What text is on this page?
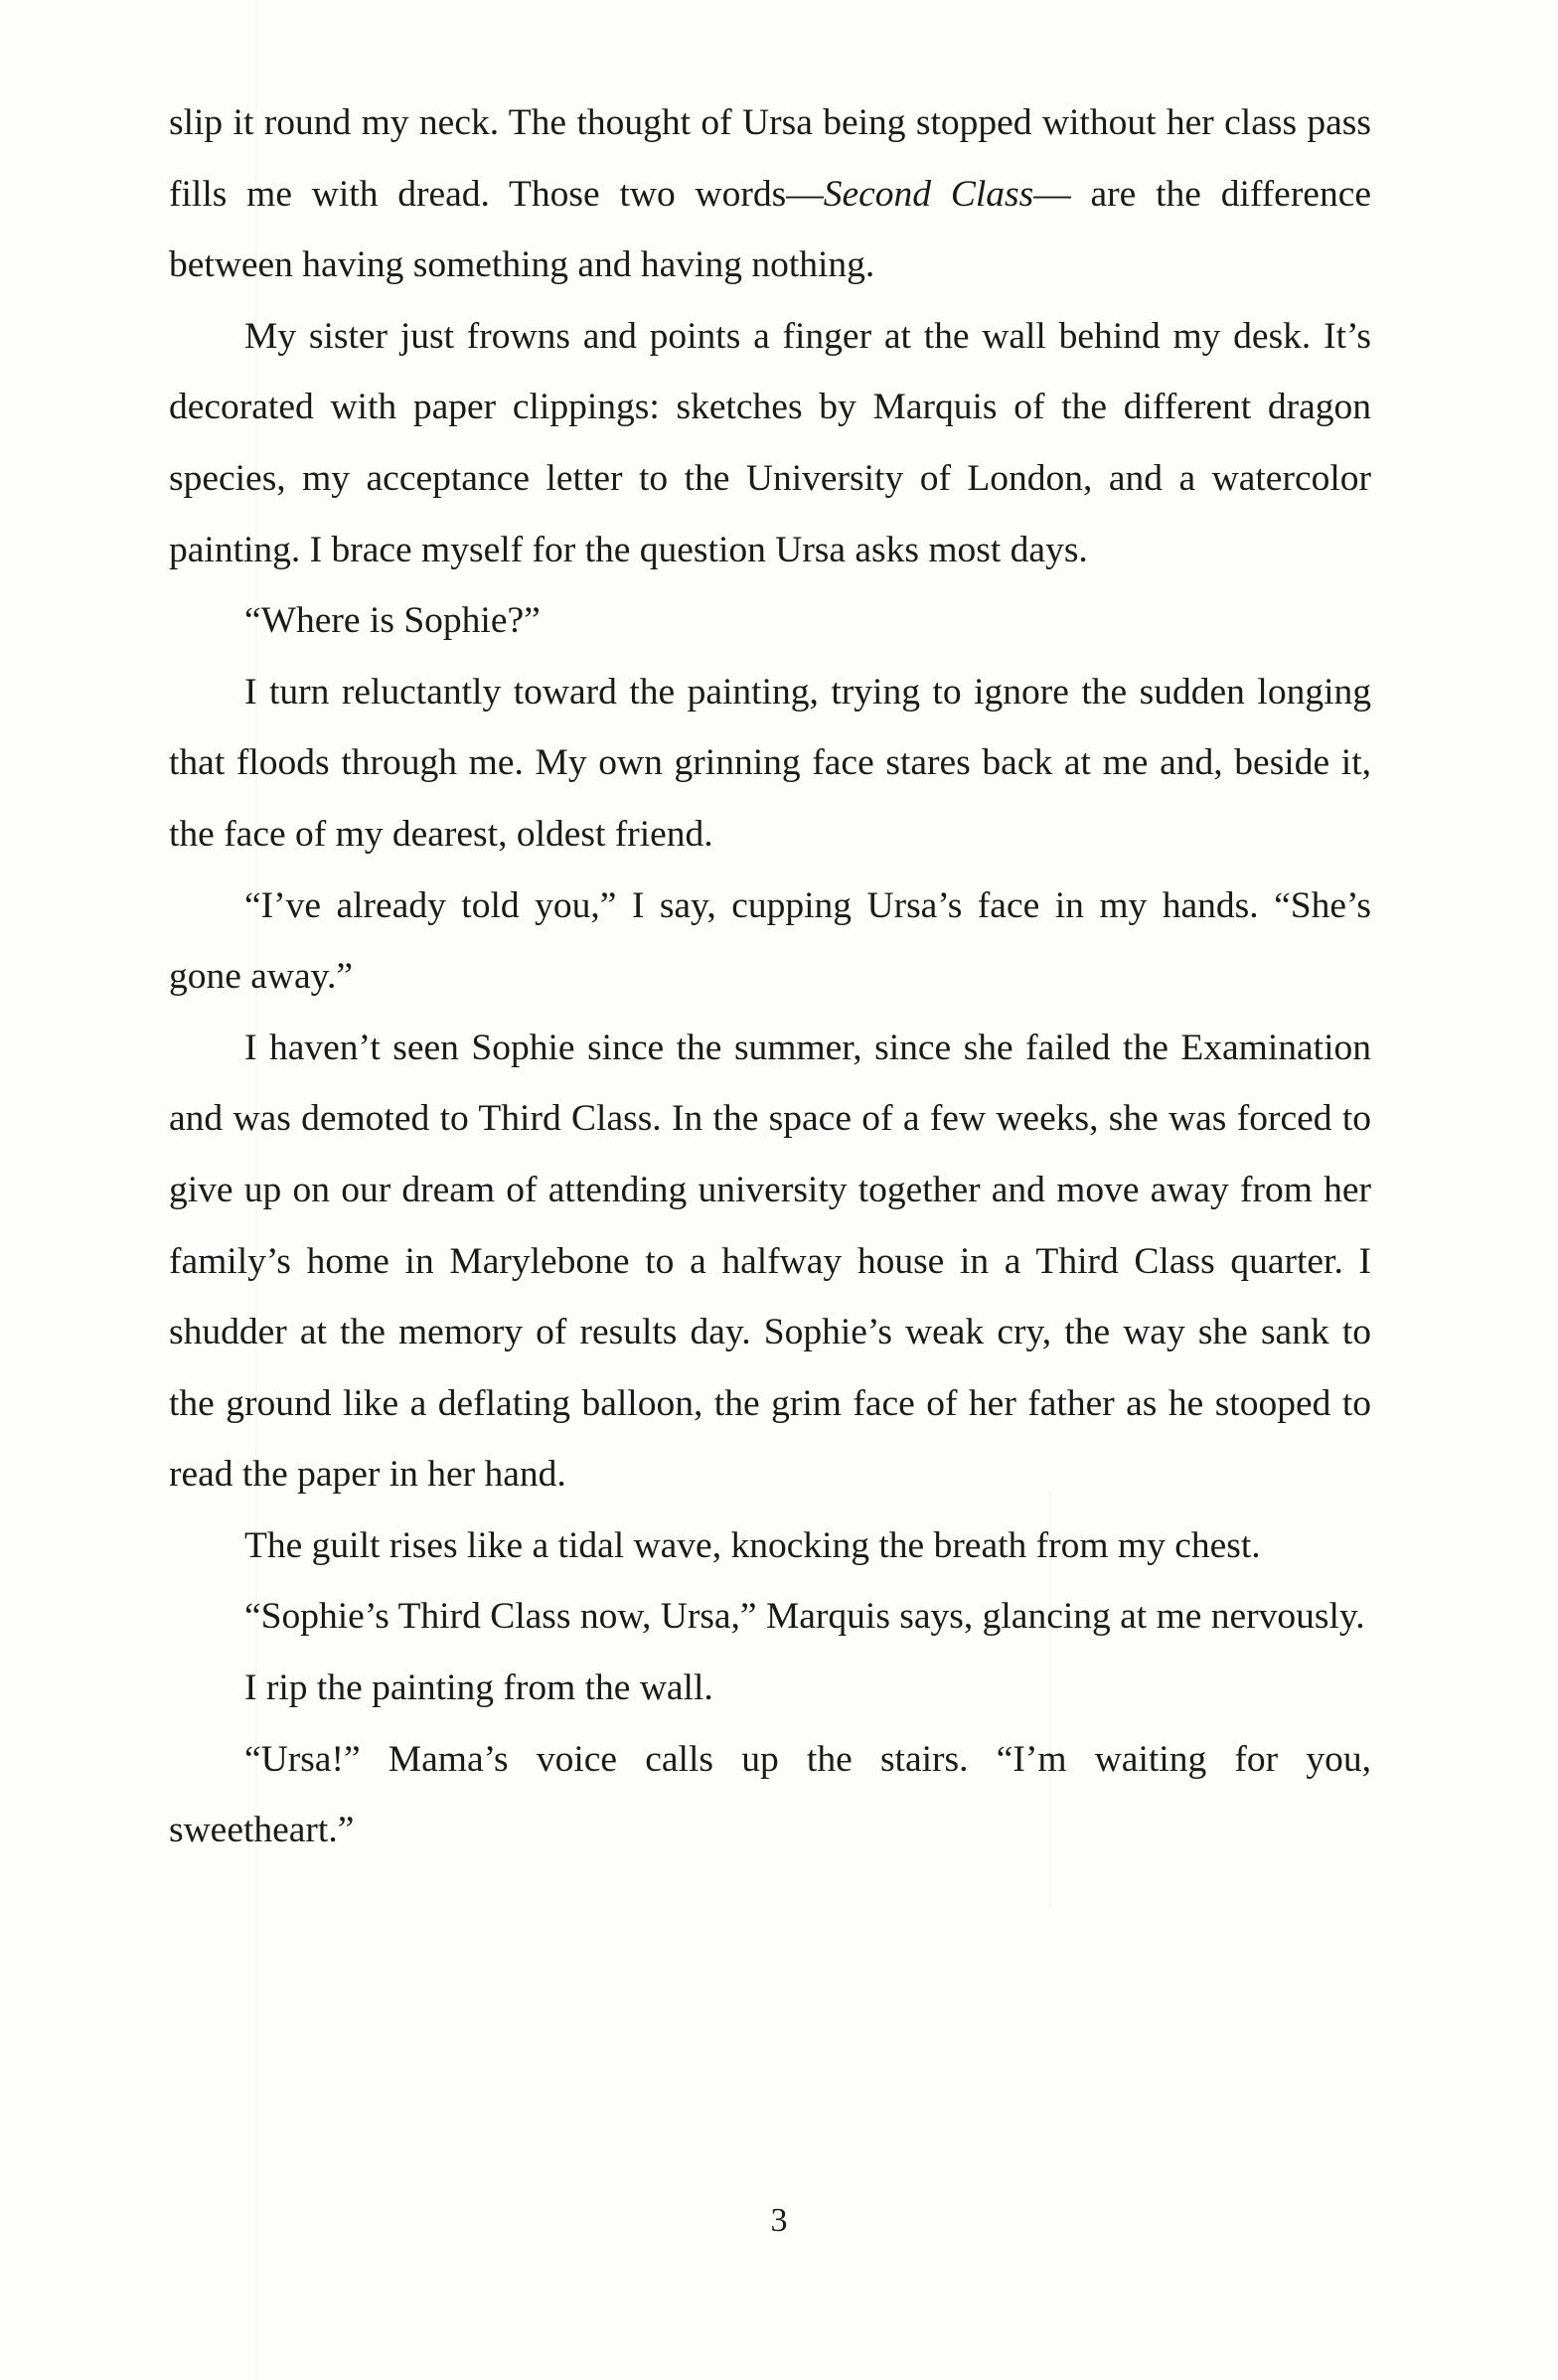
slip it round my neck. The thought of Ursa being stopped without her class pass fills me with dread. Those two words—Second Class— are the difference between having something and having nothing.

My sister just frowns and points a finger at the wall behind my desk. It’s decorated with paper clippings: sketches by Marquis of the different dragon species, my acceptance letter to the University of London, and a watercolor painting. I brace myself for the question Ursa asks most days.

“Where is Sophie?”

I turn reluctantly toward the painting, trying to ignore the sudden longing that floods through me. My own grinning face stares back at me and, beside it, the face of my dearest, oldest friend.

“I’ve already told you,” I say, cupping Ursa’s face in my hands. “She’s gone away.”

I haven’t seen Sophie since the summer, since she failed the Examination and was demoted to Third Class. In the space of a few weeks, she was forced to give up on our dream of attending university together and move away from her family’s home in Marylebone to a halfway house in a Third Class quarter. I shudder at the memory of results day. Sophie’s weak cry, the way she sank to the ground like a deflating balloon, the grim face of her father as he stooped to read the paper in her hand.

The guilt rises like a tidal wave, knocking the breath from my chest.

“Sophie’s Third Class now, Ursa,” Marquis says, glancing at me nervously.

I rip the painting from the wall.

“Ursa!” Mama’s voice calls up the stairs. “I’m waiting for you, sweetheart.”

3
